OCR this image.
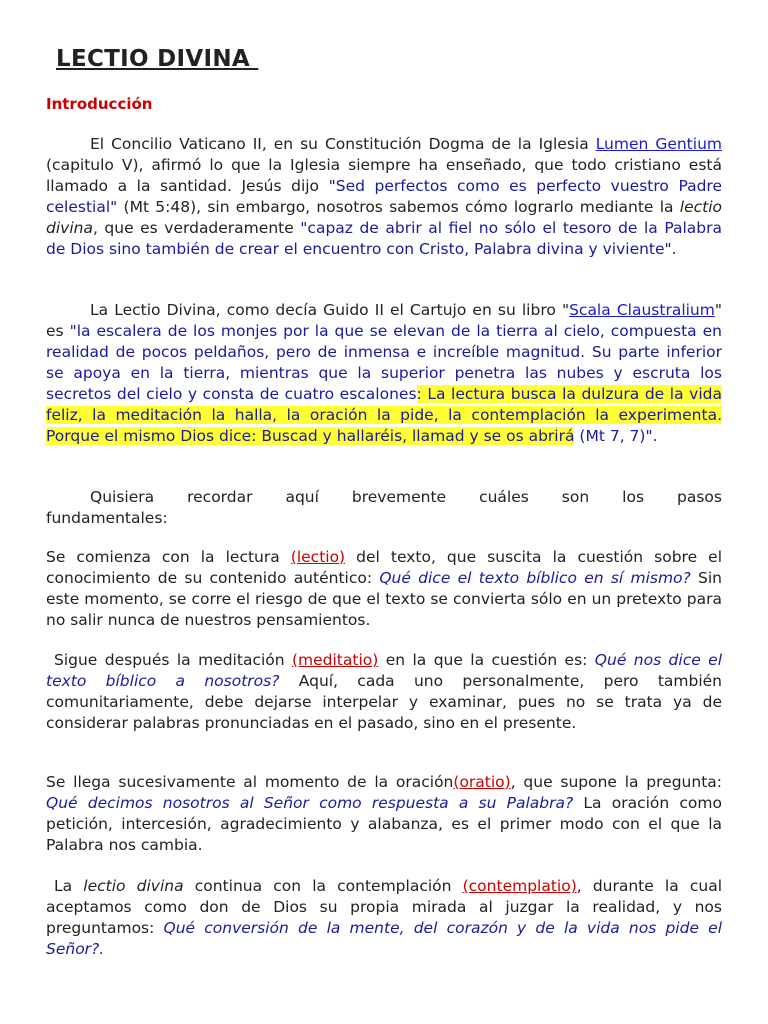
LECTIO DIVINA
Introducción

El Concilio Vaticano II, en su Constitución Dogma de la Iglesia Lumen Gentium (capitulo V), afirmó lo que la Iglesia siempre ha enseñado, que todo cristiano está llamado a la santidad. Jesús dijo "Sed perfectos como es perfecto vuestro Padre celestial" (Mt 5:48), sin embargo, nosotros sabemos cómo lograrlo mediante la lectio divina, que es verdaderamente "capaz de abrir al fiel no sólo el tesoro de la Palabra de Dios sino también de crear el encuentro con Cristo, Palabra divina y viviente".

La Lectio Divina, como decía Guido II el Cartujo en su libro "Scala Claustralium" es "la escalera de los monjes por la que se elevan de la tierra al cielo, compuesta en realidad de pocos peldaños, pero de inmensa e increíble magnitud. Su parte inferior se apoya en la tierra, mientras que la superior penetra las nubes y escruta los secretos del cielo y consta de cuatro escalones: La lectura busca la dulzura de la vida feliz, la meditación la halla, la oración la pide, la contemplación la experimenta. Porque el mismo Dios dice: Buscad y hallaréis, llamad y se os abrirá (Mt 7, 7)".

Quisiera recordar aquí brevemente cuáles son los pasos fundamentales:

Se comienza con la lectura (lectio) del texto, que suscita la cuestión sobre el conocimiento de su contenido auténtico: Qué dice el texto bíblico en sí mismo? Sin este momento, se corre el riesgo de que el texto se convierta sólo en un pretexto para no salir nunca de nuestros pensamientos.

Sigue después la meditación (meditatio) en la que la cuestión es: Qué nos dice el texto bíblico a nosotros? Aquí, cada uno personalmente, pero también comunitariamente, debe dejarse interpelar y examinar, pues no se trata ya de considerar palabras pronunciadas en el pasado, sino en el presente.

Se llega sucesivamente al momento de la oración(oratio), que supone la pregunta: Qué decimos nosotros al Señor como respuesta a su Palabra? La oración como petición, intercesión, agradecimiento y alabanza, es el primer modo con el que la Palabra nos cambia.

La lectio divina continua con la contemplación (contemplatio), durante la cual aceptamos como don de Dios su propia mirada al juzgar la realidad, y nos preguntamos: Qué conversión de la mente, del corazón y de la vida nos pide el Señor?.
